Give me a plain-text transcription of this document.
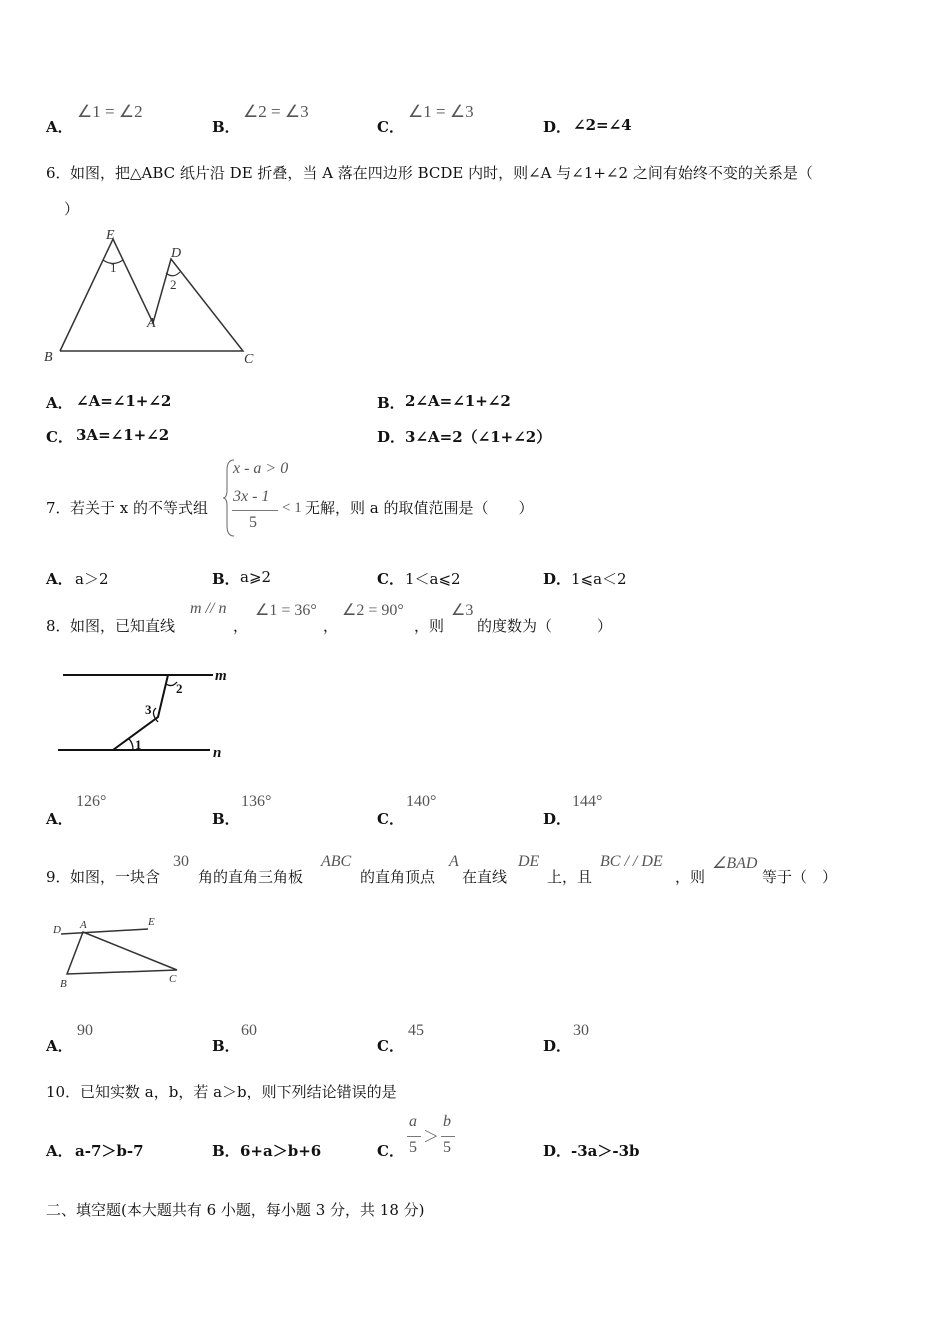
A．
∠1 = ∠2
B．
∠2 = ∠3
C．
∠1 = ∠3
D． ∠2=∠4
6． 如图，把△ABC 纸片沿 DE 折叠，当 A 落在四边形 BCDE 内时，则∠A 与∠1+∠2 之间有始终不变的关系是（
）
E
D
A
B	C
1
2
A． ∠A=∠1+∠2	B． 2∠A=∠1+∠2
C． 3A=∠1+∠2	D． 3∠A=2（∠1+∠2）
7． 若关于 x 的不等式组
x - a > 0
3x - 1
5
< 1 无解，则 a 的取值范围是（　　）
A． a＞2	B． a⩾2	C． 1＜a⩽2	D． 1⩽a＜2
8． 如图，已知直线
m // n
，
∠1 = 36°
，
∠2 = 90°
，则
∠3
的度数为（　　　）
m
n
1
2
3
A．
126°
B．
136°
C．
140°
D．
144°
9． 如图，一块含
30
角的直角三角板
ABC
的直角顶点
A
在直线
DE
上，且
BC / / DE
，则
∠BAD
等于（　）
D A	E
B	C
A．
90
B．
60
C．
45
D．
30
10． 已知实数 a，b，若 a＞b，则下列结论错误的是
A． a-7＞b-7	B． 6+a＞b+6	C．
a
5
＞
b
5	D． -3a＞-3b
二、填空题(本大题共有 6 小题，每小题 3 分，共 18 分)
